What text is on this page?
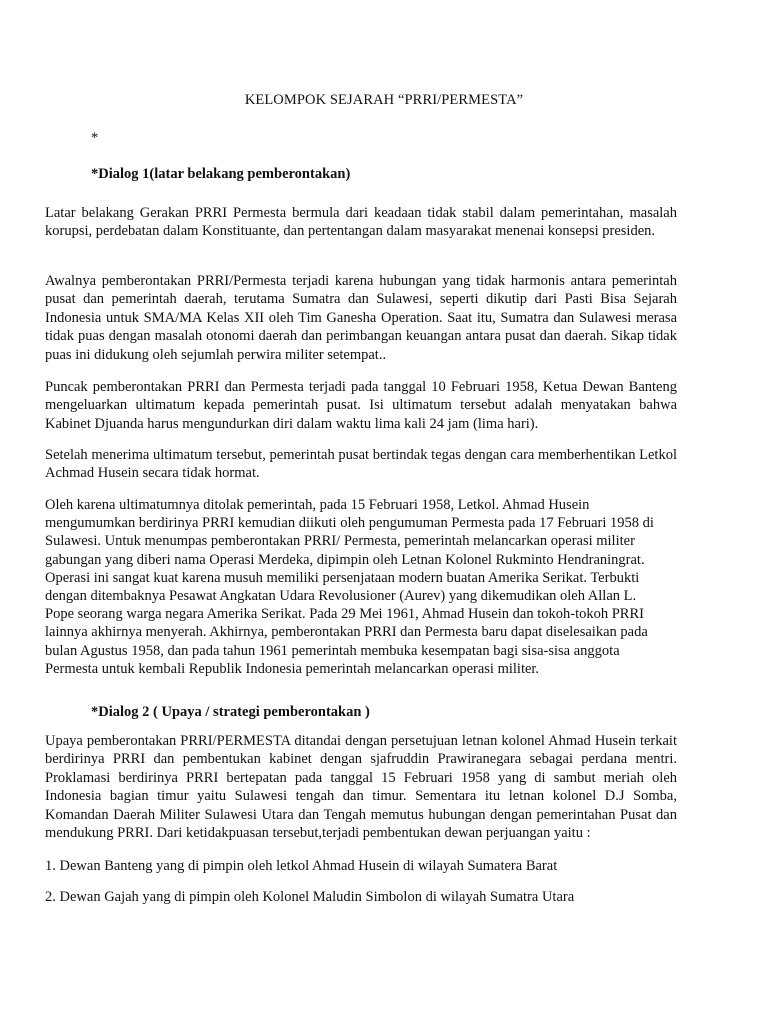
KELOMPOK SEJARAH “PRRI/PERMESTA”
*
*Dialog 1(latar belakang pemberontakan)
Latar belakang Gerakan PRRI Permesta bermula dari keadaan tidak stabil dalam pemerintahan, masalah korupsi, perdebatan dalam Konstituante, dan pertentangan dalam masyarakat menenai konsepsi presiden.
Awalnya pemberontakan PRRI/Permesta terjadi karena hubungan yang tidak harmonis antara pemerintah pusat dan pemerintah daerah, terutama Sumatra dan Sulawesi, seperti dikutip dari Pasti Bisa Sejarah Indonesia untuk SMA/MA Kelas XII oleh Tim Ganesha Operation. Saat itu, Sumatra dan Sulawesi merasa tidak puas dengan masalah otonomi daerah dan perimbangan keuangan antara pusat dan daerah. Sikap tidak puas ini didukung oleh sejumlah perwira militer setempat..
Puncak pemberontakan PRRI dan Permesta terjadi pada tanggal 10 Februari 1958, Ketua Dewan Banteng mengeluarkan ultimatum kepada pemerintah pusat. Isi ultimatum tersebut adalah menyatakan bahwa Kabinet Djuanda harus mengundurkan diri dalam waktu lima kali 24 jam (lima hari).
Setelah menerima ultimatum tersebut, pemerintah pusat bertindak tegas dengan cara memberhentikan Letkol Achmad Husein secara tidak hormat.
Oleh karena ultimatumnya ditolak pemerintah, pada 15 Februari 1958, Letkol. Ahmad Husein
mengumumkan berdirinya PRRI kemudian diikuti oleh pengumuman Permesta pada 17 Februari 1958 di
Sulawesi. Untuk menumpas pemberontakan PRRI/ Permesta, pemerintah melancarkan operasi militer
gabungan yang diberi nama Operasi Merdeka, dipimpin oleh Letnan Kolonel Rukminto Hendraningrat.
Operasi ini sangat kuat karena musuh memiliki persenjataan modern buatan Amerika Serikat. Terbukti
dengan ditembaknya Pesawat Angkatan Udara Revolusioner (Aurev) yang dikemudikan oleh Allan L.
Pope seorang warga negara Amerika Serikat. Pada 29 Mei 1961, Ahmad Husein dan tokoh-tokoh PRRI
lainnya akhirnya menyerah. Akhirnya, pemberontakan PRRI dan Permesta baru dapat diselesaikan pada
bulan Agustus 1958, dan pada tahun 1961 pemerintah membuka kesempatan bagi sisa-sisa anggota
Permesta untuk kembali Republik Indonesia pemerintah melancarkan operasi militer.
*Dialog 2 ( Upaya / strategi pemberontakan )
Upaya pemberontakan PRRI/PERMESTA ditandai dengan persetujuan letnan kolonel Ahmad Husein terkait berdirinya PRRI dan pembentukan kabinet dengan sjafruddin Prawiranegara sebagai perdana mentri. Proklamasi berdirinya PRRI bertepatan pada tanggal 15 Februari 1958 yang di sambut meriah oleh Indonesia bagian timur yaitu Sulawesi tengah dan timur. Sementara itu letnan kolonel D.J Somba, Komandan Daerah Militer Sulawesi Utara dan Tengah memutus hubungan dengan pemerintahan Pusat dan mendukung PRRI. Dari ketidakpuasan tersebut,terjadi pembentukan dewan perjuangan yaitu :
1. Dewan Banteng yang di pimpin oleh letkol Ahmad Husein di wilayah Sumatera Barat
2. Dewan Gajah yang di pimpin oleh Kolonel Maludin Simbolon di wilayah Sumatra Utara
